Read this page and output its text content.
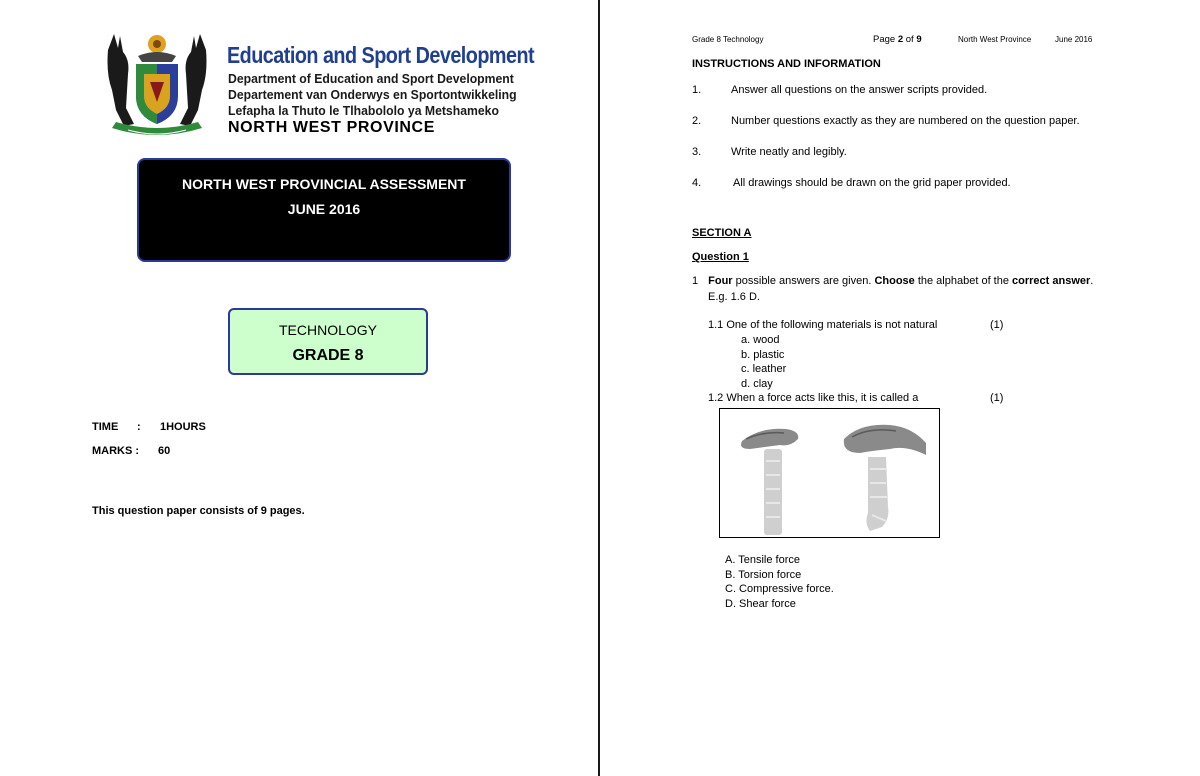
Education and Sport Development
Department of Education and Sport Development
Departement van Onderwys en Sportontwikkeling
Lefapha la Thuto le Tlhabololo ya Metshameko
NORTH WEST PROVINCE
NORTH WEST PROVINCIAL ASSESSMENT
JUNE 2016
TECHNOLOGY
GRADE 8
TIME : 1HOURS
MARKS : 60
This question paper consists of 9 pages.
Grade 8 Technology	Page 2 of 9	North West Province	June 2016
INSTRUCTIONS AND INFORMATION
1.	Answer all questions on the answer scripts provided.
2.	Number questions exactly as they are numbered on the question paper.
3.	Write neatly and legibly.
4.	All drawings should be drawn on the grid paper provided.
SECTION A
Question 1
1 Four possible answers are given. Choose the alphabet of the correct answer.
E.g. 1.6 D.
1.1 One of the following materials is not natural	(1)
a. wood
b. plastic
c. leather
d. clay
1.2 When a force acts like this, it is called a	(1)
A. Tensile force
B. Torsion force
C. Compressive force.
D. Shear force
